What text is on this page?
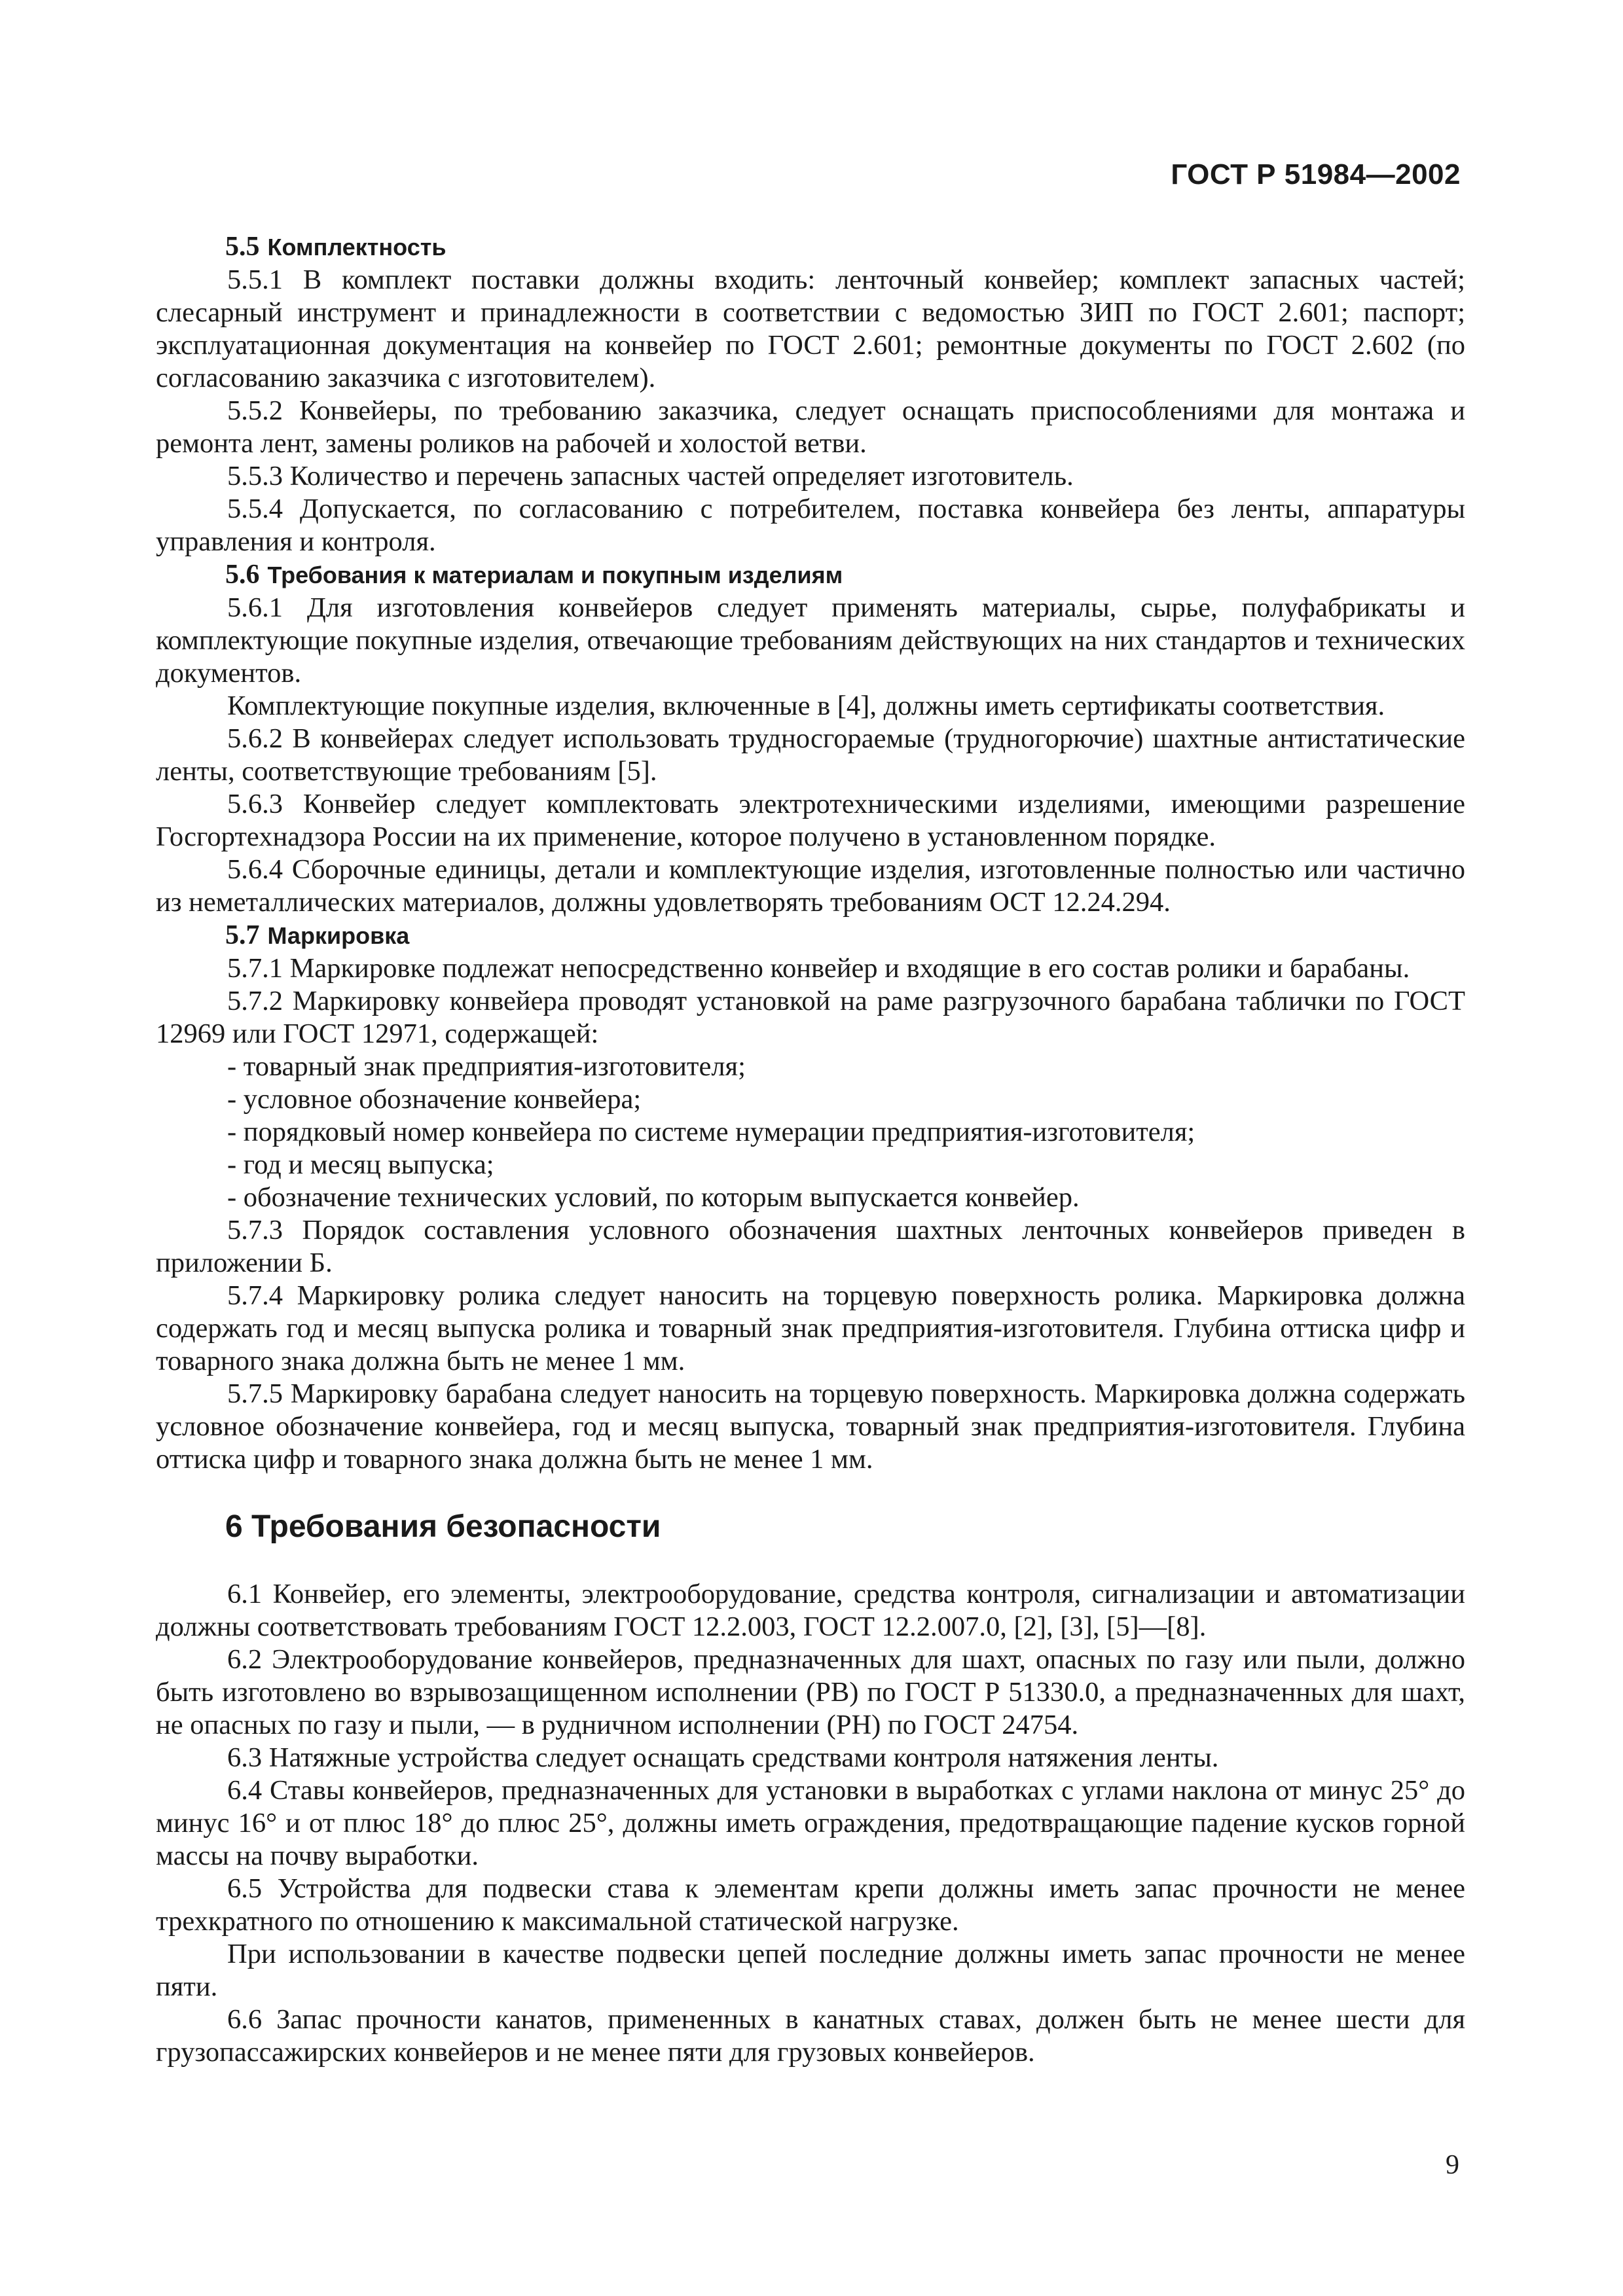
ГОСТ Р 51984—2002
5.5 Комплектность

5.5.1 В комплект поставки должны входить: ленточный конвейер; комплект запасных частей; слесарный инструмент и принадлежности в соответствии с ведомостью ЗИП по ГОСТ 2.601; паспорт; эксплуатационная документация на конвейер по ГОСТ 2.601; ремонтные документы по ГОСТ 2.602 (по согласованию заказчика с изготовителем).

5.5.2 Конвейеры, по требованию заказчика, следует оснащать приспособлениями для монтажа и ремонта лент, замены роликов на рабочей и холостой ветви.

5.5.3 Количество и перечень запасных частей определяет изготовитель.

5.5.4 Допускается, по согласованию с потребителем, поставка конвейера без ленты, аппаратуры управления и контроля.

5.6 Требования к материалам и покупным изделиям

5.6.1 Для изготовления конвейеров следует применять материалы, сырье, полуфабрикаты и комплектующие покупные изделия, отвечающие требованиям действующих на них стандартов и технических документов.

Комплектующие покупные изделия, включенные в [4], должны иметь сертификаты соответствия.

5.6.2 В конвейерах следует использовать трудносгораемые (трудногорючие) шахтные антистатические ленты, соответствующие требованиям [5].

5.6.3 Конвейер следует комплектовать электротехническими изделиями, имеющими разрешение Госгортехнадзора России на их применение, которое получено в установленном порядке.

5.6.4 Сборочные единицы, детали и комплектующие изделия, изготовленные полностью или частично из неметаллических материалов, должны удовлетворять требованиям ОСТ 12.24.294.

5.7 Маркировка

5.7.1 Маркировке подлежат непосредственно конвейер и входящие в его состав ролики и барабаны.

5.7.2 Маркировку конвейера проводят установкой на раме разгрузочного барабана таблички по ГОСТ 12969 или ГОСТ 12971, содержащей:

- товарный знак предприятия-изготовителя;
- условное обозначение конвейера;
- порядковый номер конвейера по системе нумерации предприятия-изготовителя;
- год и месяц выпуска;
- обозначение технических условий, по которым выпускается конвейер.

5.7.3 Порядок составления условного обозначения шахтных ленточных конвейеров приведен в приложении Б.

5.7.4 Маркировку ролика следует наносить на торцевую поверхность ролика. Маркировка должна содержать год и месяц выпуска ролика и товарный знак предприятия-изготовителя. Глубина оттиска цифр и товарного знака должна быть не менее 1 мм.

5.7.5 Маркировку барабана следует наносить на торцевую поверхность. Маркировка должна содержать условное обозначение конвейера, год и месяц выпуска, товарный знак предприятия-изготовителя. Глубина оттиска цифр и товарного знака должна быть не менее 1 мм.

6 Требования безопасности

6.1 Конвейер, его элементы, электрооборудование, средства контроля, сигнализации и автоматизации должны соответствовать требованиям ГОСТ 12.2.003, ГОСТ 12.2.007.0, [2], [3], [5]—[8].

6.2 Электрооборудование конвейеров, предназначенных для шахт, опасных по газу или пыли, должно быть изготовлено во взрывозащищенном исполнении (РВ) по ГОСТ Р 51330.0, а предназначенных для шахт, не опасных по газу и пыли, — в рудничном исполнении (РН) по ГОСТ 24754.

6.3 Натяжные устройства следует оснащать средствами контроля натяжения ленты.

6.4 Ставы конвейеров, предназначенных для установки в выработках с углами наклона от минус 25° до минус 16° и от плюс 18° до плюс 25°, должны иметь ограждения, предотвращающие падение кусков горной массы на почву выработки.

6.5 Устройства для подвески става к элементам крепи должны иметь запас прочности не менее трехкратного по отношению к максимальной статической нагрузке.

При использовании в качестве подвески цепей последние должны иметь запас прочности не менее пяти.

6.6 Запас прочности канатов, примененных в канатных ставах, должен быть не менее шести для грузопассажирских конвейеров и не менее пяти для грузовых конвейеров.

9
